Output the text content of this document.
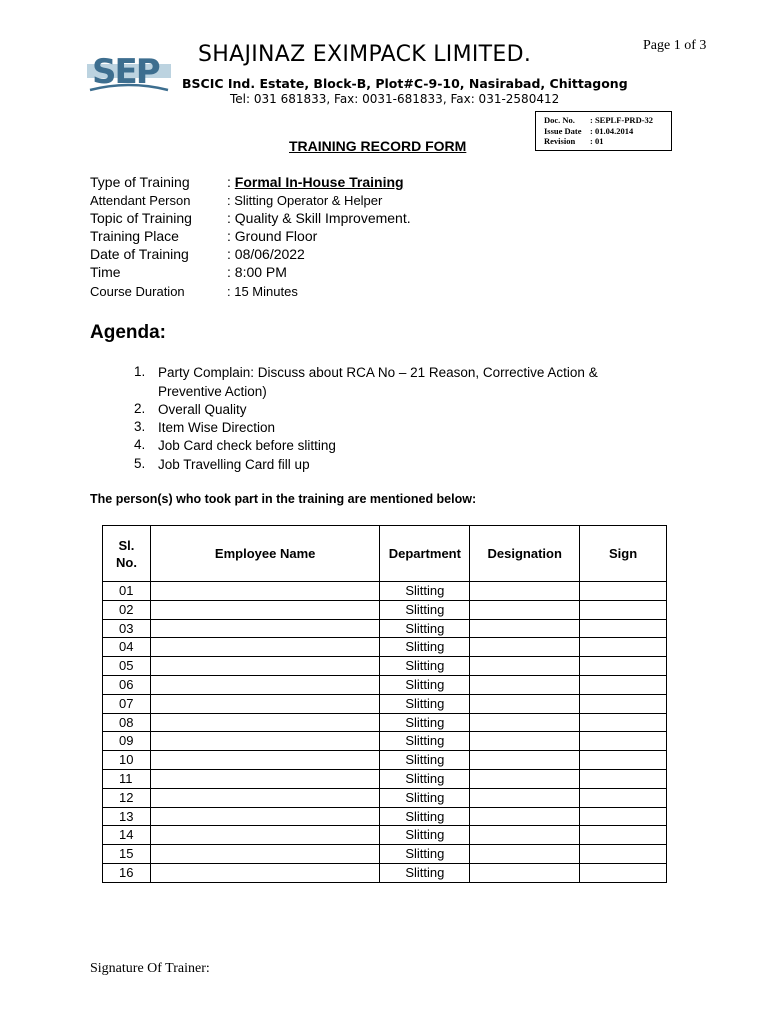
Page 1 of 3
SEP SHAJINAZ EXIMPACK LIMITED.
BSCIC Ind. Estate, Block-B, Plot#C-9-10, Nasirabad, Chittagong
Tel: 031 681833, Fax: 0031-681833, Fax: 031-2580412
Doc. No.	: SEPLF-PRD-32
Issue Date : 01.04.2014
Revision	: 01
TRAINING RECORD FORM
Type of Training	: Formal In-House Training
Attendant Person	: Slitting Operator & Helper
Topic of Training	: Quality & Skill Improvement.
Training Place	: Ground Floor
Date of Training	: 08/06/2022
Time	: 8:00 PM
Course Duration	: 15 Minutes
Agenda:
1. Party Complain: Discuss about RCA No – 21 Reason, Corrective Action &
Preventive Action)
2. Overall Quality
3. Item Wise Direction
4. Job Card check before slitting
5. Job Travelling Card fill up
The person(s) who took part in the training are mentioned below:
Sl.
No.	Employee Name	Department	Designation	Sign
01		Slitting		
02		Slitting		
03		Slitting		
04		Slitting		
05		Slitting		
06		Slitting		
07		Slitting		
08		Slitting		
09		Slitting		
10		Slitting		
11		Slitting		
12		Slitting		
13		Slitting		
14		Slitting		
15		Slitting		
16		Slitting		
Signature Of Trainer:
